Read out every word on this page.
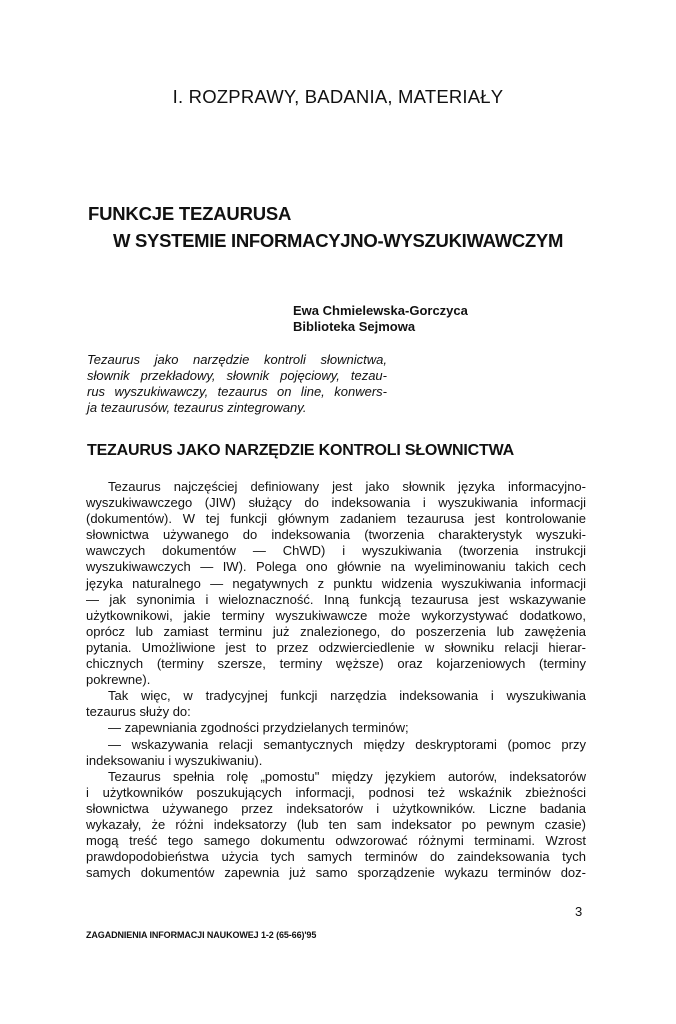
I. ROZPRAWY, BADANIA, MATERIAŁY
FUNKCJE TEZAURUSA
W SYSTEMIE INFORMACYJNO-WYSZUKIWAWCZYM
Ewa Chmielewska-Gorczyca
Biblioteka Sejmowa
Tezaurus jako narzędzie kontroli słownictwa,
słownik przekładowy, słownik pojęciowy, tezau-
rus wyszukiwawczy, tezaurus on line, konwers-
ja tezaurusów, tezaurus zintegrowany.
TEZAURUS JAKO NARZĘDZIE KONTROLI SŁOWNICTWA
Tezaurus najczęściej definiowany jest jako słownik języka informacyjno-
wyszukiwawczego (JIW) służący do indeksowania i wyszukiwania informacji
(dokumentów). W tej funkcji głównym zadaniem tezaurusa jest kontrolowanie
słownictwa używanego do indeksowania (tworzenia charakterystyk wyszuki-
wawczych dokumentów — ChWD) i wyszukiwania (tworzenia instrukcji
wyszukiwawczych — IW). Polega ono głównie na wyeliminowaniu takich cech
języka naturalnego — negatywnych z punktu widzenia wyszukiwania informacji
— jak synonimia i wieloznaczność. Inną funkcją tezaurusa jest wskazywanie
użytkownikowi, jakie terminy wyszukiwawcze może wykorzystywać dodatkowo,
oprócz lub zamiast terminu już znalezionego, do poszerzenia lub zawężenia
pytania. Umożliwione jest to przez odzwierciedlenie w słowniku relacji hierar-
chicznych (terminy szersze, terminy węższe) oraz kojarzeniowych (terminy
pokrewne).
Tak więc, w tradycyjnej funkcji narzędzia indeksowania i wyszukiwania
tezaurus służy do:
— zapewniania zgodności przydzielanych terminów;
— wskazywania relacji semantycznych między deskryptorami (pomoc przy
indeksowaniu i wyszukiwaniu).
Tezaurus spełnia rolę „pomostu" między językiem autorów, indeksatorów
i użytkowników poszukujących informacji, podnosi też wskaźnik zbieżności
słownictwa używanego przez indeksatorów i użytkowników. Liczne badania
wykazały, że różni indeksatorzy (lub ten sam indeksator po pewnym czasie)
mogą treść tego samego dokumentu odwzorować różnymi terminami. Wzrost
prawdopodobieństwa użycia tych samych terminów do zaindeksowania tych
samych dokumentów zapewnia już samo sporządzenie wykazu terminów doz-
3
ZAGADNIENIA INFORMACJI NAUKOWEJ 1-2 (65-66)'95
